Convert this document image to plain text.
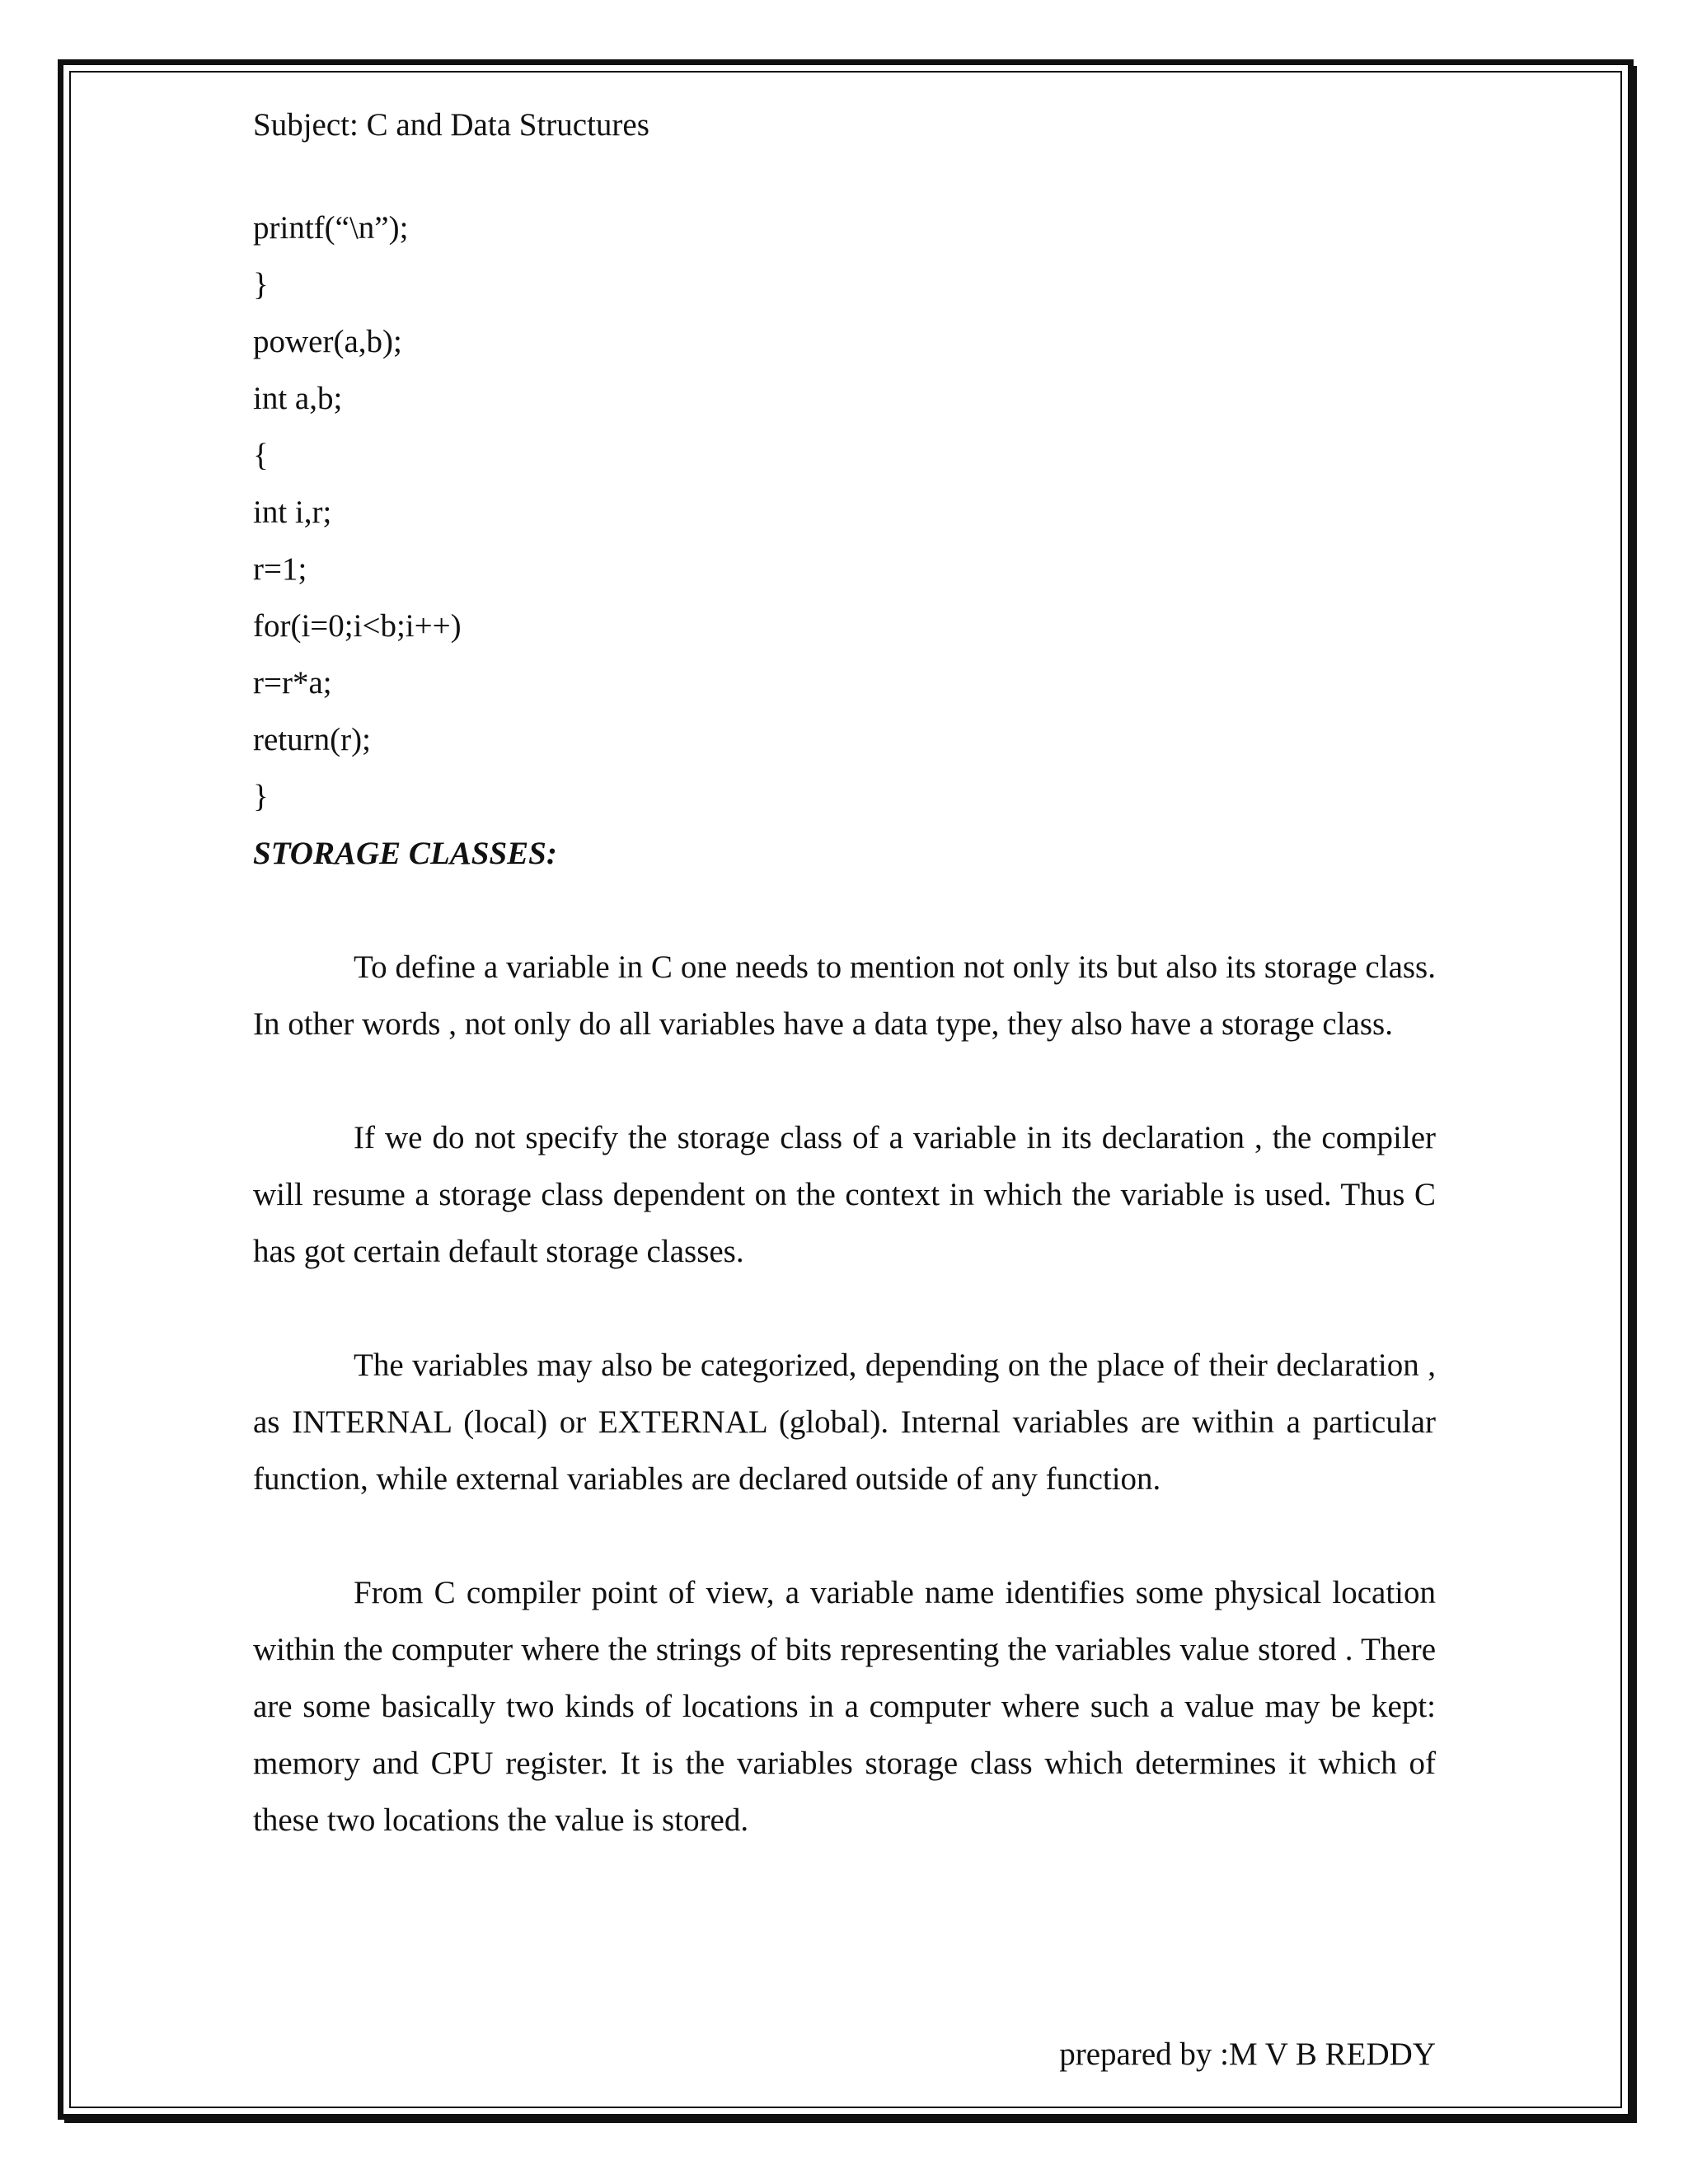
Subject: C and Data Structures

printf(“\n”);

}

power(a,b);

int a,b;

{

int i,r;

r=1;

for(i=0;i<b;i++)

r=r*a;

return(r);

}

STORAGE CLASSES:

To define a variable in C one needs to mention not only its but also its storage class. In other words , not only do all variables have a data type, they also have a storage class.

If we do not specify the storage class of a variable in its declaration , the compiler will resume a storage class dependent on the context in which the variable is used. Thus C has got certain default storage classes.

The variables may also be categorized, depending on the place of their declaration , as INTERNAL (local) or EXTERNAL (global). Internal variables are within a particular function, while external variables are declared outside of any function.

From C compiler point of view, a variable name identifies some physical location within the computer where the strings of bits representing the variables value stored . There are some basically two kinds of locations in a computer where such a value may be kept: memory and CPU register. It is the variables storage class which determines it which of these two locations the value is stored.

prepared by :M V B REDDY
